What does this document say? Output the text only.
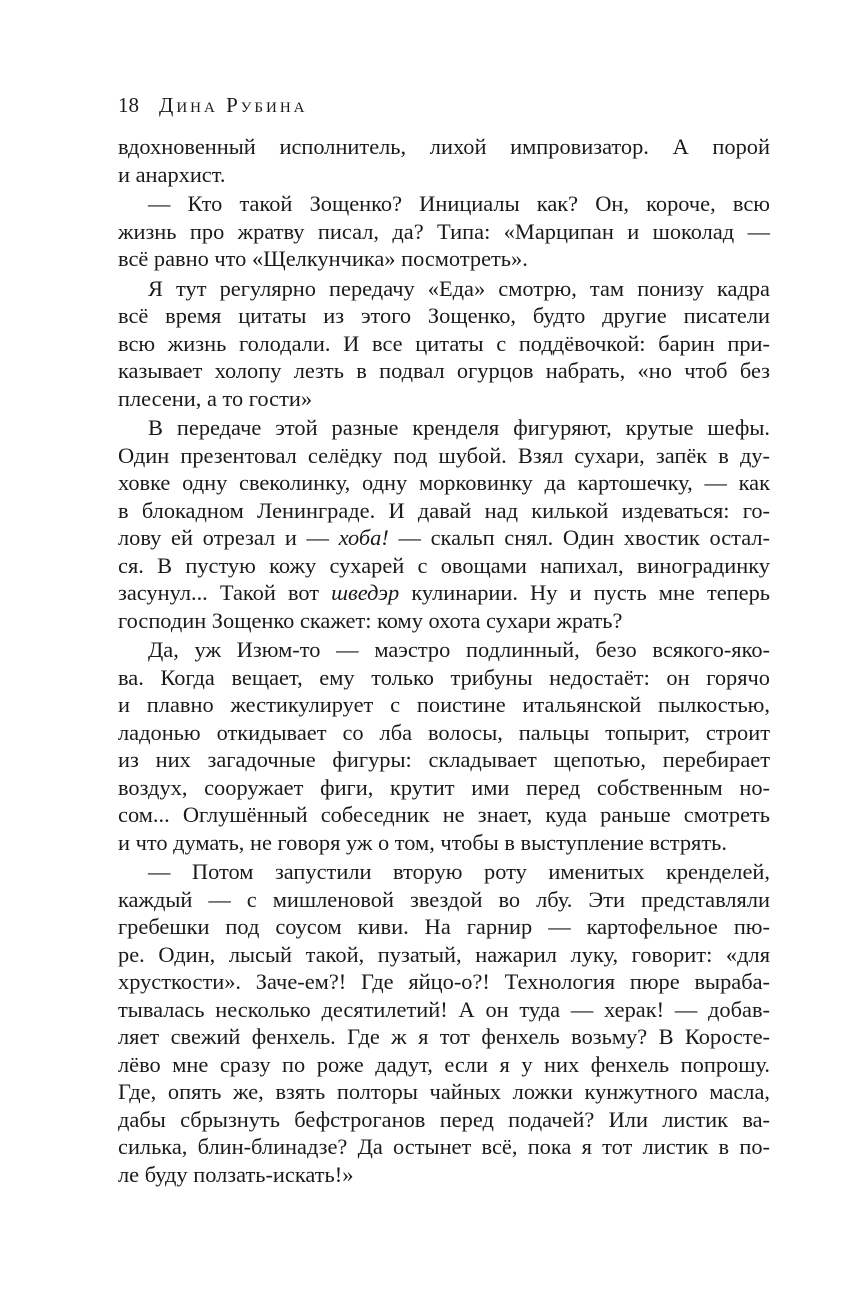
18 Дина Рубина
вдохновенный исполнитель, лихой импровизатор. А порой
и анархист.
— Кто такой Зощенко? Инициалы как? Он, короче, всю
жизнь про жратву писал, да? Типа: «Марципан и шоколад —
всё равно что «Щелкунчика» посмотреть».
Я тут регулярно передачу «Еда» смотрю, там понизу кадра
всё время цитаты из этого Зощенко, будто другие писатели
всю жизнь голодали. И все цитаты с поддёвочкой: барин при-
казывает холопу лезть в подвал огурцов набрать, «но чтоб без
плесени, а то гости»
В передаче этой разные кренделя фигуряют, крутые шефы.
Один презентовал селёдку под шубой. Взял сухари, запёк в ду-
ховке одну свеколинку, одну морковинку да картошечку, — как
в блокадном Ленинграде. И давай над килькой издеваться: го-
лову ей отрезал и — хоба! — скальп снял. Один хвостик остал-
ся. В пустую кожу сухарей с овощами напихал, виноградинку
засунул... Такой вот шведэр кулинарии. Ну и пусть мне теперь
господин Зощенко скажет: кому охота сухари жрать?
Да, уж Изюм-то — маэстро подлинный, безо всякого-яко-
ва. Когда вещает, ему только трибуны недостаёт: он горячо
и плавно жестикулирует с поистине итальянской пылкостью,
ладонью откидывает со лба волосы, пальцы топырит, строит
из них загадочные фигуры: складывает щепотью, перебирает
воздух, сооружает фиги, крутит ими перед собственным но-
сом... Оглушённый собеседник не знает, куда раньше смотреть
и что думать, не говоря уж о том, чтобы в выступление встрять.
— Потом запустили вторую роту именитых кренделей,
каждый — с мишленовой звездой во лбу. Эти представляли
гребешки под соусом киви. На гарнир — картофельное пю-
ре. Один, лысый такой, пузатый, нажарил луку, говорит: «для
хрусткости». Заче-ем?! Где яйцо-о?! Технология пюре выраба-
тывалась несколько десятилетий! А он туда — херак! — добав-
ляет свежий фенхель. Где ж я тот фенхель возьму? В Коросте-
лёво мне сразу по роже дадут, если я у них фенхель попрошу.
Где, опять же, взять полторы чайных ложки кунжутного масла,
дабы сбрызнуть бефстроганов перед подачей? Или листик ва-
силька, блин-блинадзе? Да остынет всё, пока я тот листик в по-
ле буду ползать-искать!»
